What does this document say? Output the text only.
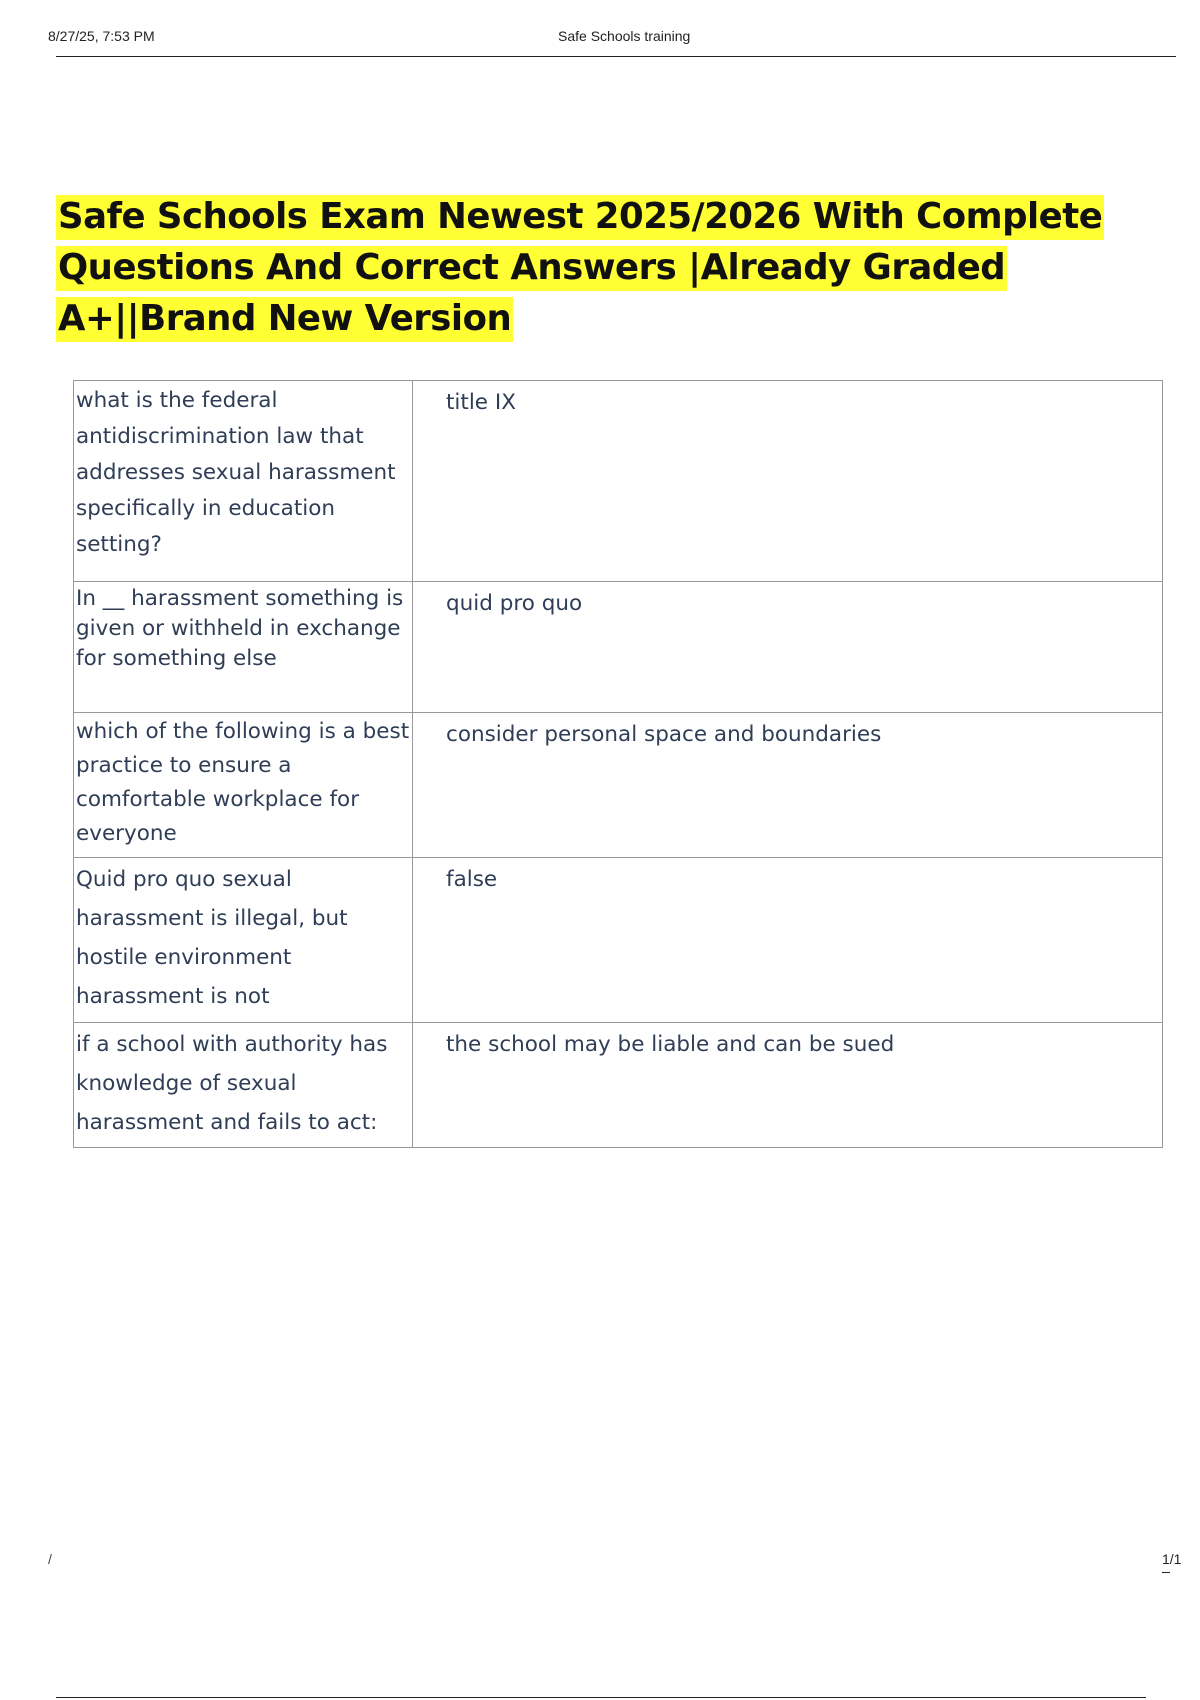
8/27/25, 7:53 PM	Safe Schools training
Safe Schools Exam Newest 2025/2026 With Complete Questions And Correct Answers |Already Graded A+||Brand New Version
what is the federal antidiscrimination law that addresses sexual harassment specifically in education setting?	title IX
In __ harassment something is given or withheld in exchange for something else	quid pro quo
which of the following is a best practice to ensure a comfortable workplace for everyone	consider personal space and boundaries
Quid pro quo sexual harassment is illegal, but hostile environment harassment is not	false
if a school with authority has knowledge of sexual harassment and fails to act:	the school may be liable and can be sued
/	1/1
